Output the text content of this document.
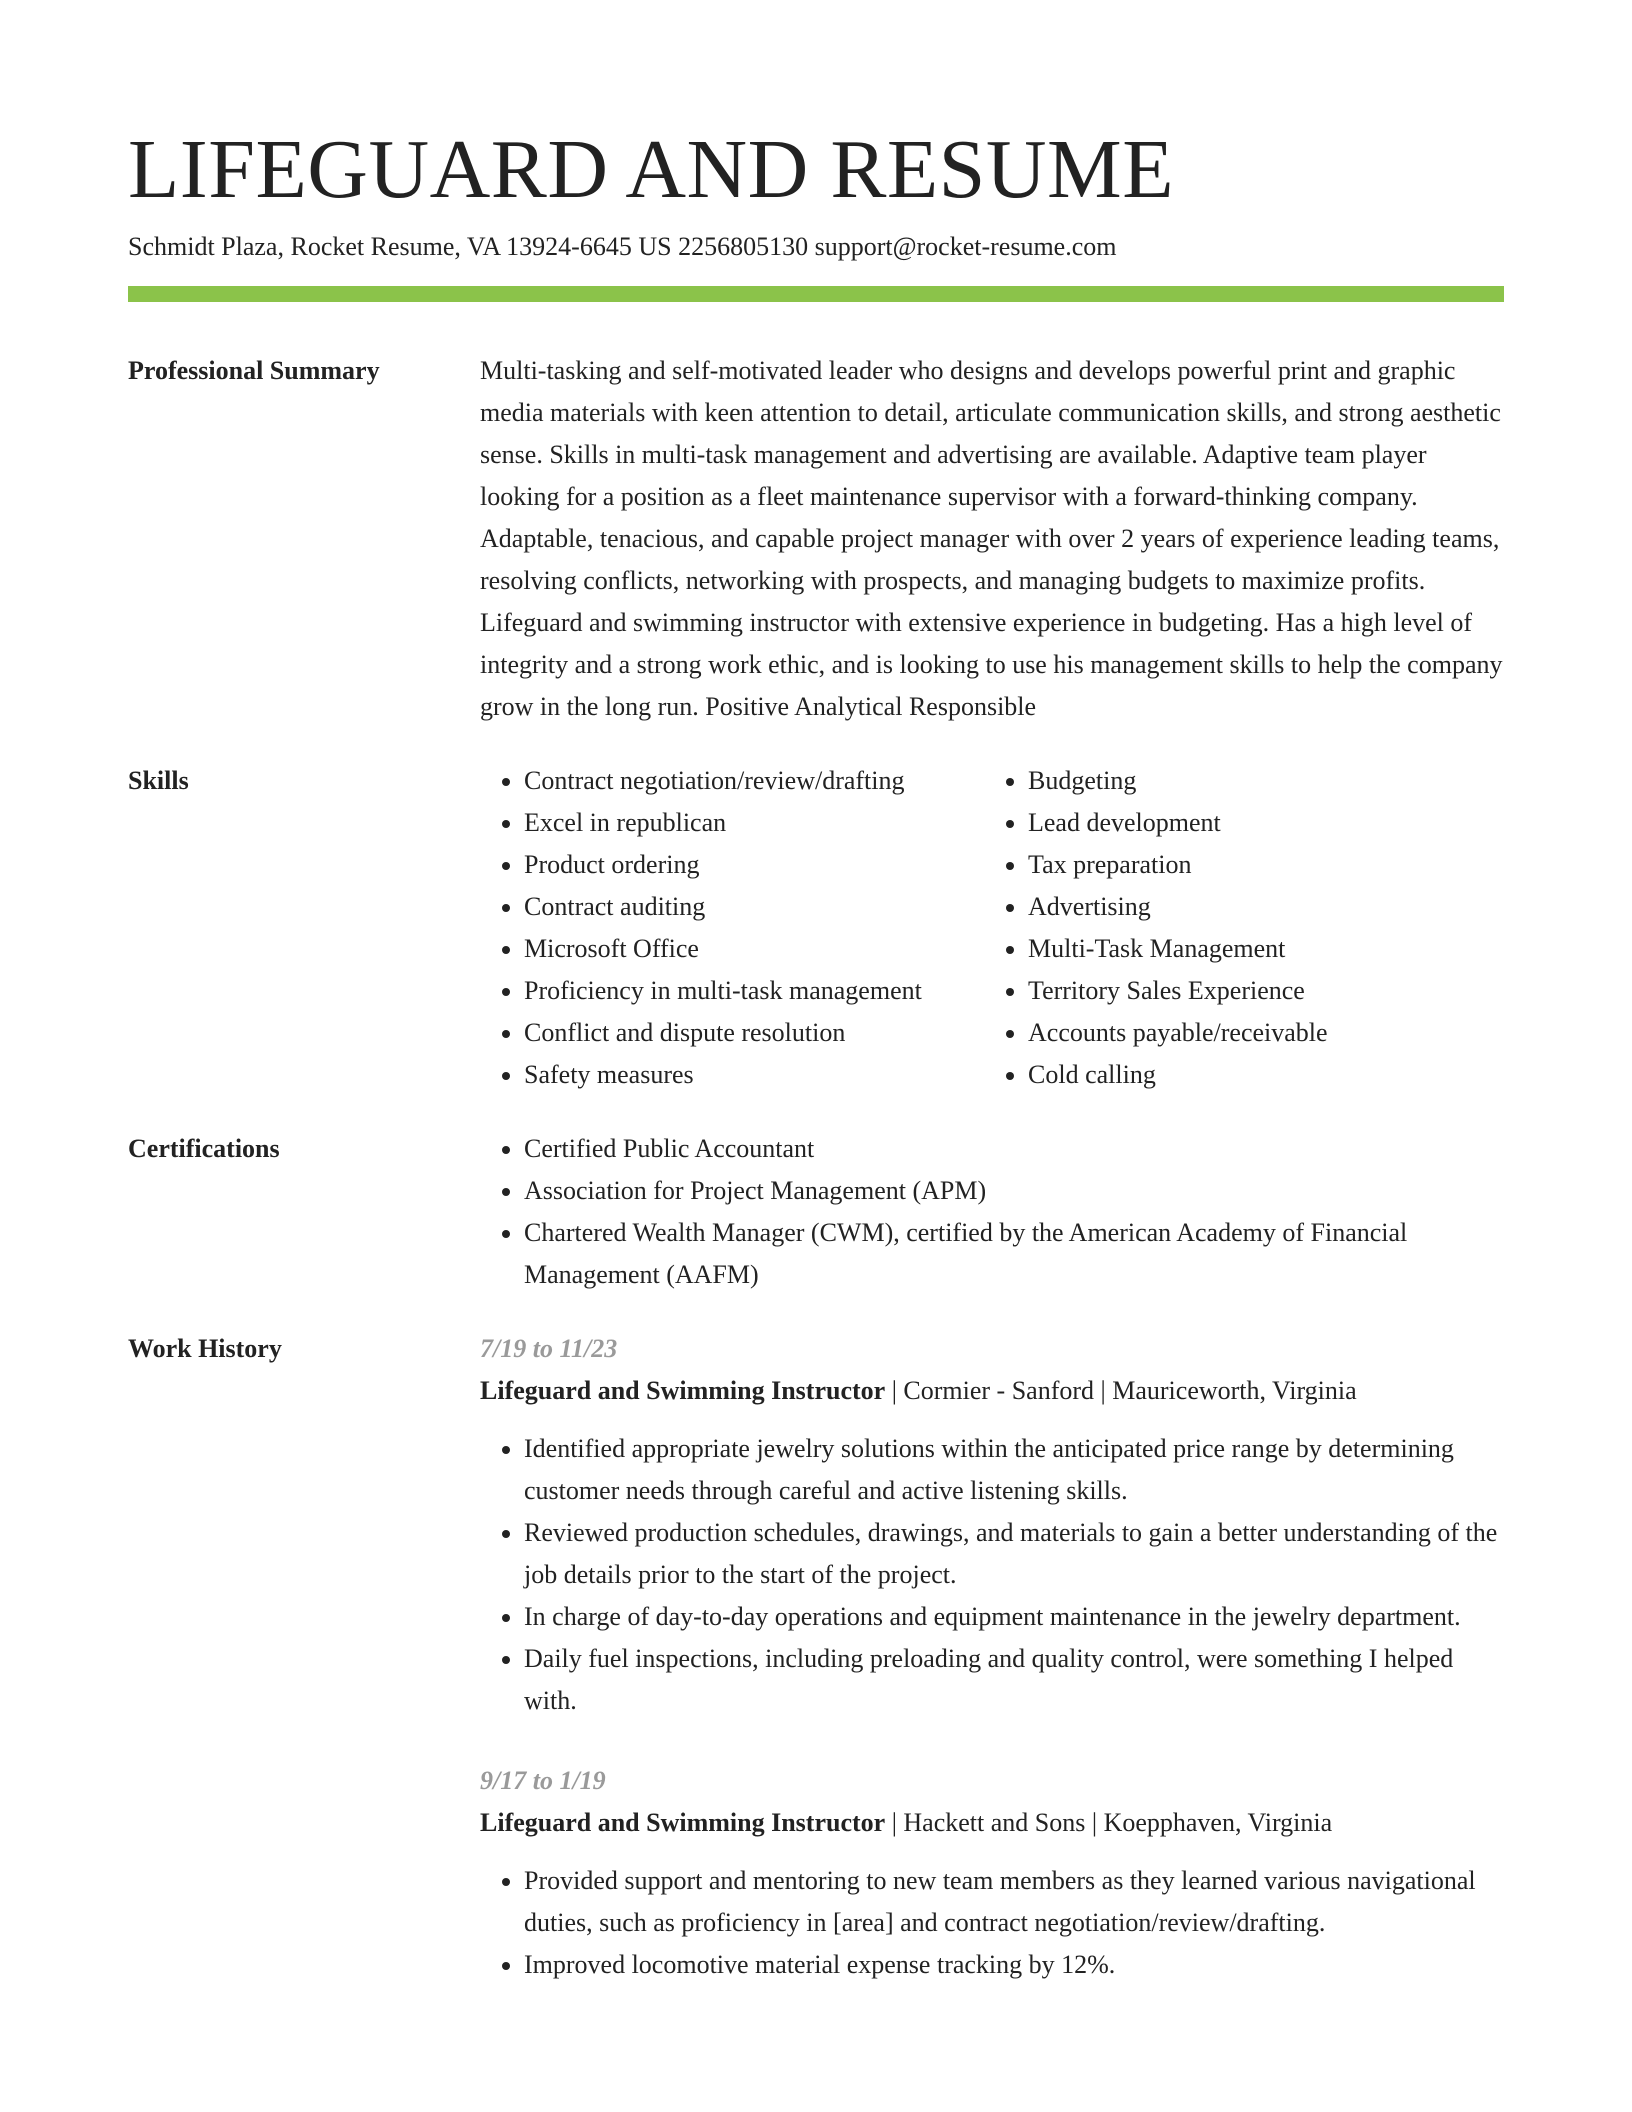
LIFEGUARD AND RESUME
Schmidt Plaza, Rocket Resume, VA 13924-6645 US 2256805130 support@rocket-resume.com
Professional Summary	Multi-tasking and self-motivated leader who designs and develops powerful print and graphic media materials with keen attention to detail, articulate communication skills, and strong aesthetic sense. Skills in multi-task management and advertising are available. Adaptive team player looking for a position as a fleet maintenance supervisor with a forward-thinking company. Adaptable, tenacious, and capable project manager with over 2 years of experience leading teams, resolving conflicts, networking with prospects, and managing budgets to maximize profits. Lifeguard and swimming instructor with extensive experience in budgeting. Has a high level of integrity and a strong work ethic, and is looking to use his management skills to help the company grow in the long run. Positive Analytical Responsible
Skills	• Contract negotiation/review/drafting
• Excel in republican
• Product ordering
• Contract auditing
• Microsoft Office
• Proficiency in multi-task management
• Conflict and dispute resolution
• Safety measures
• Budgeting
• Lead development
• Tax preparation
• Advertising
• Multi-Task Management
• Territory Sales Experience
• Accounts payable/receivable
• Cold calling
Certifications	• Certified Public Accountant
• Association for Project Management (APM)
• Chartered Wealth Manager (CWM), certified by the American Academy of Financial Management (AAFM)
Work History	7/19 to 11/23
Lifeguard and Swimming Instructor | Cormier - Sanford | Mauriceworth, Virginia
• Identified appropriate jewelry solutions within the anticipated price range by determining customer needs through careful and active listening skills.
• Reviewed production schedules, drawings, and materials to gain a better understanding of the job details prior to the start of the project.
• In charge of day-to-day operations and equipment maintenance in the jewelry department.
• Daily fuel inspections, including preloading and quality control, were something I helped with.
9/17 to 1/19
Lifeguard and Swimming Instructor | Hackett and Sons | Koepphaven, Virginia
• Provided support and mentoring to new team members as they learned various navigational duties, such as proficiency in [area] and contract negotiation/review/drafting.
• Improved locomotive material expense tracking by 12%.
